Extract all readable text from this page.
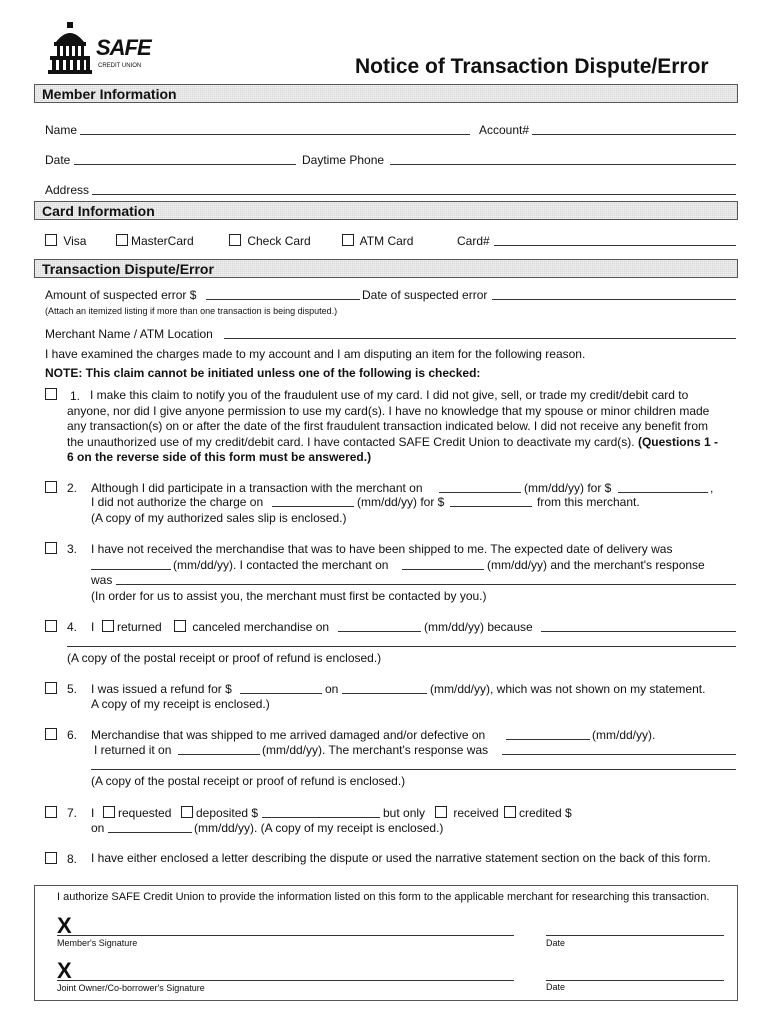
SAFE
CREDIT UNION	Notice of Transaction Dispute/Error
Member Information
Name	Account#
Date	Daytime Phone
Address
Card Information
Visa	MasterCard	Check Card	ATM Card	Card#
Transaction Dispute/Error
Amount of suspected error $	Date of suspected error
(Attach an itemized listing if more than one transaction is being disputed.)
Merchant Name / ATM Location
I have examined the charges made to my account and I am disputing an item for the following reason.
NOTE: This claim cannot be initiated unless one of the following is checked:
1. I make this claim to notify you of the fraudulent use of my card. I did not give, sell, or trade my credit/debit card to anyone, nor did I give anyone permission to use my card(s). I have no knowledge that my spouse or minor children made any transaction(s) on or after the date of the first fraudulent transaction indicated below. I did not receive any benefit from the unauthorized use of my credit/debit card. I have contacted SAFE Credit Union to deactivate my card(s). (Questions 1 - 6 on the reverse side of this form must be answered.)
2. Although I did participate in a transaction with the merchant on	(mm/dd/yy) for $	,
I did not authorize the charge on	(mm/dd/yy) for $	from this merchant.
(A copy of my authorized sales slip is enclosed.)
3. I have not received the merchandise that was to have been shipped to me. The expected date of delivery was
(mm/dd/yy). I contacted the merchant on	(mm/dd/yy) and the merchant's response
was
(In order for us to assist you, the merchant must first be contacted by you.)
4. I	returned	canceled merchandise on	(mm/dd/yy) because
(A copy of the postal receipt or proof of refund is enclosed.)
5. I was issued a refund for $	on	(mm/dd/yy), which was not shown on my statement.
A copy of my receipt is enclosed.)
6. Merchandise that was shipped to me arrived damaged and/or defective on	(mm/dd/yy).
I returned it on	(mm/dd/yy). The merchant's response was
(A copy of the postal receipt or proof of refund is enclosed.)
7. I	requested	deposited $	but only	received	credited $
on	(mm/dd/yy). (A copy of my receipt is enclosed.)
8.	I have either enclosed a letter describing the dispute or used the narrative statement section on the back of this form.
I authorize SAFE Credit Union to provide the information listed on this form to the applicable merchant for researching this transaction.
X
Member's Signature	Date
X
Joint Owner/Co-borrower's Signature	Date
